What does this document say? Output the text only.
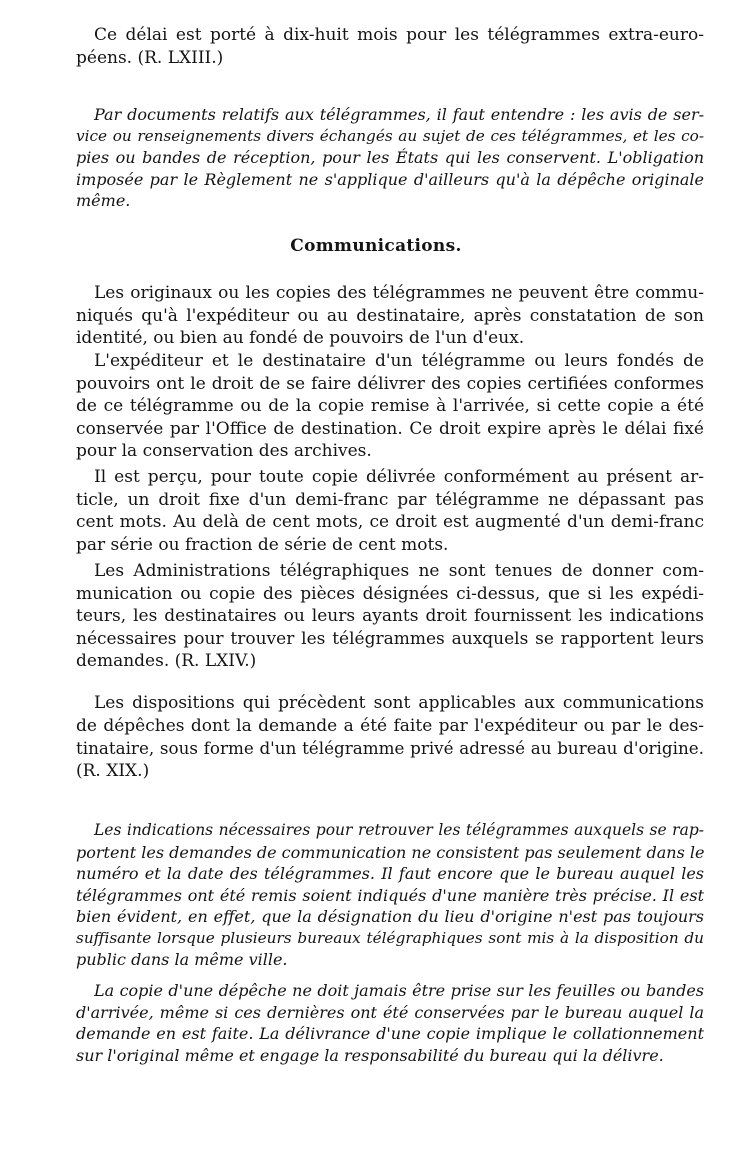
Ce délai est porté à dix-huit mois pour les télégrammes extra-euro-
péens. (R. LXIII.)
Par documents relatifs aux télégrammes, il faut entendre : les avis de ser-
vice ou renseignements divers échangés au sujet de ces télégrammes, et les co-
pies ou bandes de réception, pour les États qui les conservent. L'obligation
imposée par le Règlement ne s'applique d'ailleurs qu'à la dépêche originale
même.
Communications.
Les originaux ou les copies des télégrammes ne peuvent être commu-
niqués qu'à l'expéditeur ou au destinataire, après constatation de son
identité, ou bien au fondé de pouvoirs de l'un d'eux.
L'expéditeur et le destinataire d'un télégramme ou leurs fondés de
pouvoirs ont le droit de se faire délivrer des copies certifiées conformes
de ce télégramme ou de la copie remise à l'arrivée, si cette copie a été
conservée par l'Office de destination. Ce droit expire après le délai fixé
pour la conservation des archives.
Il est perçu, pour toute copie délivrée conformément au présent ar-
ticle, un droit fixe d'un demi-franc par télégramme ne dépassant pas
cent mots. Au delà de cent mots, ce droit est augmenté d'un demi-franc
par série ou fraction de série de cent mots.
Les Administrations télégraphiques ne sont tenues de donner com-
munication ou copie des pièces désignées ci-dessus, que si les expédi-
teurs, les destinataires ou leurs ayants droit fournissent les indications
nécessaires pour trouver les télégrammes auxquels se rapportent leurs
demandes. (R. LXIV.)
Les dispositions qui précèdent sont applicables aux communications
de dépêches dont la demande a été faite par l'expéditeur ou par le des-
tinataire, sous forme d'un télégramme privé adressé au bureau d'origine.
(R. XIX.)
Les indications nécessaires pour retrouver les télégrammes auxquels se rap-
portent les demandes de communication ne consistent pas seulement dans le
numéro et la date des télégrammes. Il faut encore que le bureau auquel les
télégrammes ont été remis soient indiqués d'une manière très précise. Il est
bien évident, en effet, que la désignation du lieu d'origine n'est pas toujours
suffisante lorsque plusieurs bureaux télégraphiques sont mis à la disposition du
public dans la même ville.
La copie d'une dépêche ne doit jamais être prise sur les feuilles ou bandes
d'arrivée, même si ces dernières ont été conservées par le bureau auquel la
demande en est faite. La délivrance d'une copie implique le collationnement
sur l'original même et engage la responsabilité du bureau qui la délivre.
